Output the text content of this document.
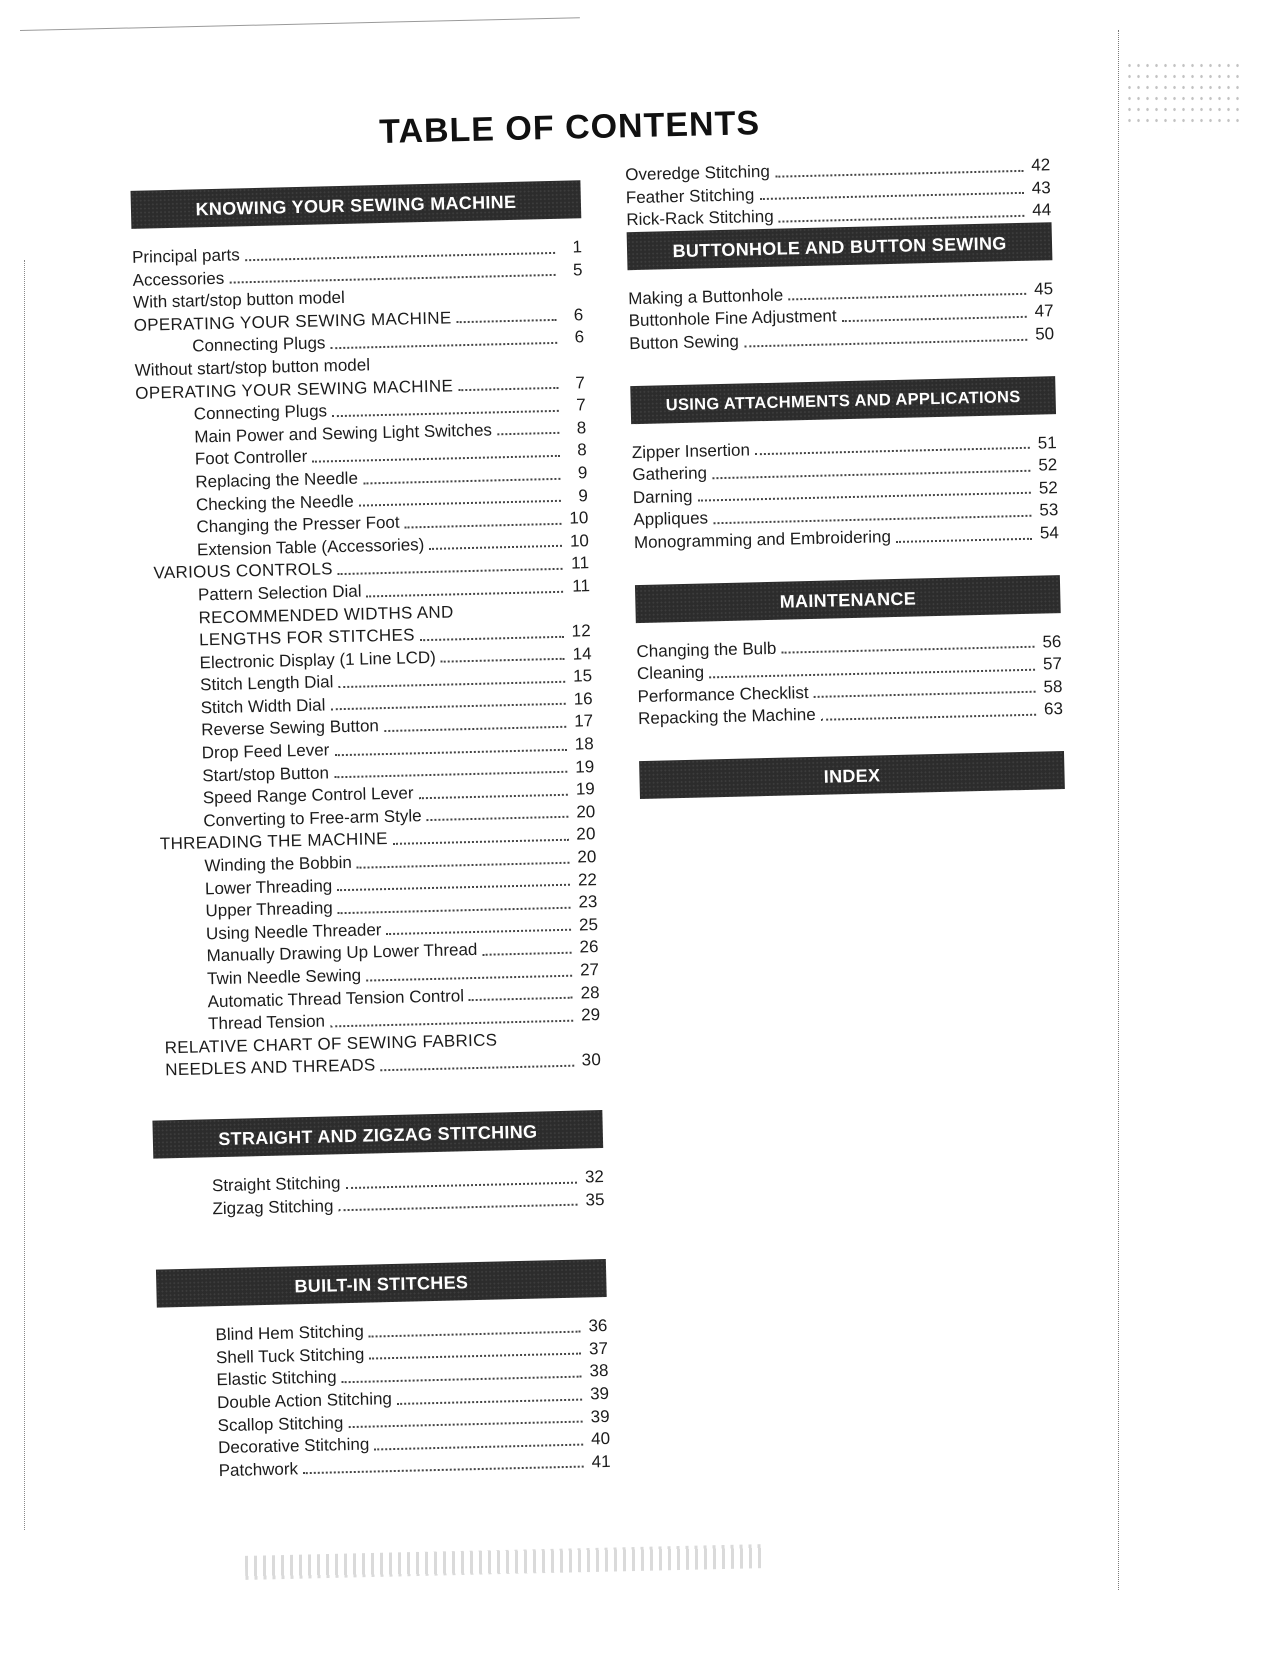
TABLE OF CONTENTS
KNOWING YOUR SEWING MACHINE
Principal parts	1
Accessories	5
With start/stop button model
OPERATING YOUR SEWING MACHINE	6
Connecting Plugs	6
Without start/stop button model
OPERATING YOUR SEWING MACHINE	7
Connecting Plugs	7
Main Power and Sewing Light Switches	8
Foot Controller	8
Replacing the Needle	9
Checking the Needle	9
Changing the Presser Foot	10
Extension Table (Accessories)	10
VARIOUS CONTROLS	11
Pattern Selection Dial	11
RECOMMENDED WIDTHS AND
LENGTHS FOR STITCHES	12
Electronic Display (1 Line LCD)	14
Stitch Length Dial	15
Stitch Width Dial	16
Reverse Sewing Button	17
Drop Feed Lever	18
Start/stop Button	19
Speed Range Control Lever	19
Converting to Free-arm Style	20
THREADING THE MACHINE	20
Winding the Bobbin	20
Lower Threading	22
Upper Threading	23
Using Needle Threader	25
Manually Drawing Up Lower Thread	26
Twin Needle Sewing	27
Automatic Thread Tension Control	28
Thread Tension	29
RELATIVE CHART OF SEWING FABRICS
NEEDLES AND THREADS	30
STRAIGHT AND ZIGZAG STITCHING
Straight Stitching	32
Zigzag Stitching	35
BUILT-IN STITCHES
Blind Hem Stitching	36
Shell Tuck Stitching	37
Elastic Stitching	38
Double Action Stitching	39
Scallop Stitching	39
Decorative Stitching	40
Patchwork	41
Overedge Stitching	42
Feather Stitching	43
Rick-Rack Stitching	44
BUTTONHOLE AND BUTTON SEWING
Making a Buttonhole	45
Buttonhole Fine Adjustment	47
Button Sewing	50
USING ATTACHMENTS AND APPLICATIONS
Zipper Insertion	51
Gathering	52
Darning	52
Appliques	53
Monogramming and Embroidering	54
MAINTENANCE
Changing the Bulb	56
Cleaning	57
Performance Checklist	58
Repacking the Machine	63
INDEX
